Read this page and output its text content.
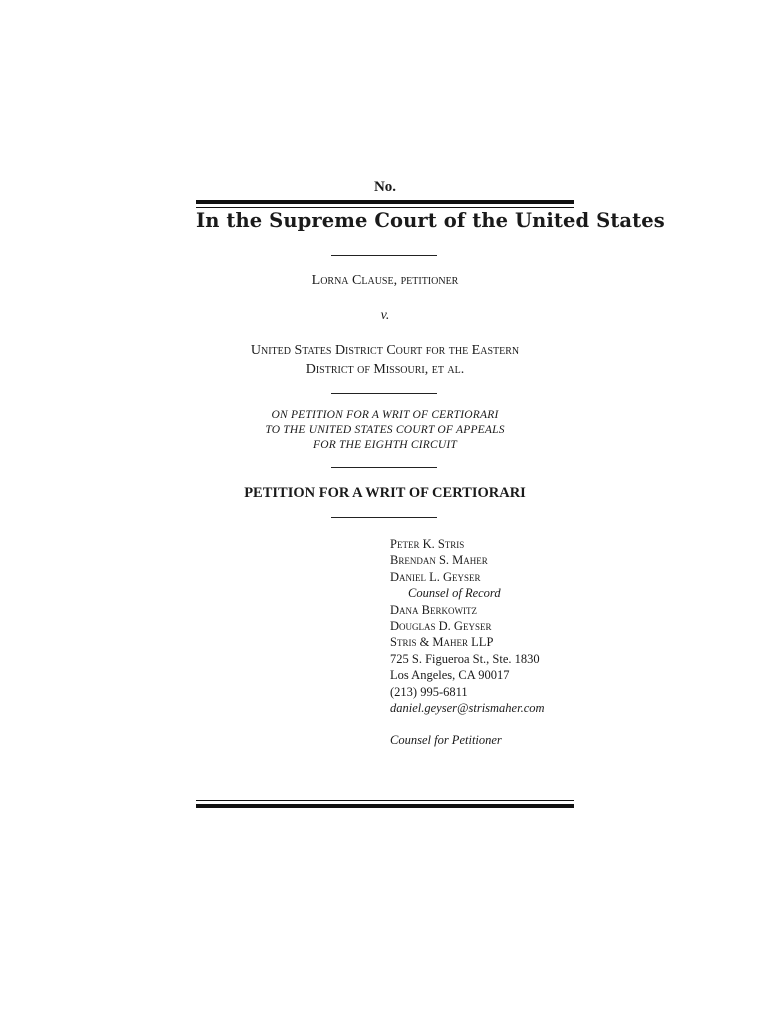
No.
In the Supreme Court of the United States
Lorna Clause, petitioner
v.
United States District Court for the Eastern
District of Missouri, et al.
ON PETITION FOR A WRIT OF CERTIORARI
TO THE UNITED STATES COURT OF APPEALS
FOR THE EIGHTH CIRCUIT
PETITION FOR A WRIT OF CERTIORARI
Peter K. Stris
Brendan S. Maher
Daniel L. Geyser
Counsel of Record
Dana Berkowitz
Douglas D. Geyser
Stris & Maher LLP
725 S. Figueroa St., Ste. 1830
Los Angeles, CA 90017
(213) 995-6811
daniel.geyser@strismaher.com
Counsel for Petitioner
